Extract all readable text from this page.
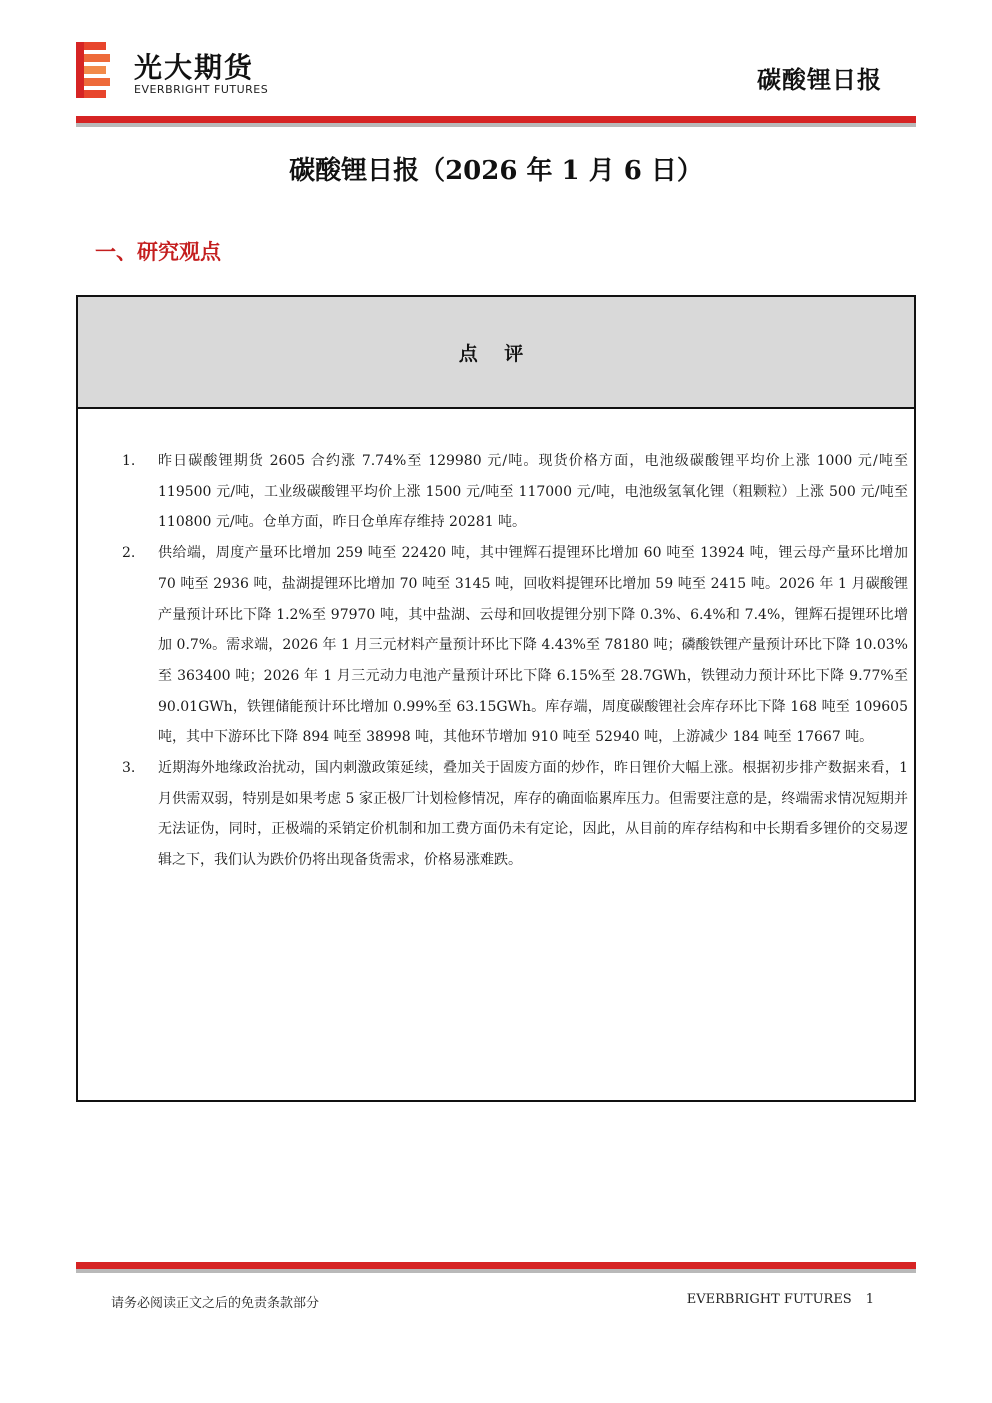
光大期货
EVERBRIGHT FUTURES	碳酸锂日报
碳酸锂日报（2026 年 1 月 6 日）
一、研究观点
点 评
1. 昨日碳酸锂期货 2605 合约涨 7.74%至 129980 元/吨。现货价格方面，电池级碳酸锂平均价上涨 1000 元/吨至 119500 元/吨，工业级碳酸锂平均价上涨 1500 元/吨至 117000 元/吨，电池级氢氧化锂（粗颗粒）上涨 500 元/吨至 110800 元/吨。仓单方面，昨日仓单库存维持 20281 吨。
2. 供给端，周度产量环比增加 259 吨至 22420 吨，其中锂辉石提锂环比增加 60 吨至 13924 吨，锂云母产量环比增加 70 吨至 2936 吨，盐湖提锂环比增加 70 吨至 3145 吨，回收料提锂环比增加 59 吨至 2415 吨。2026 年 1 月碳酸锂产量预计环比下降 1.2%至 97970 吨，其中盐湖、云母和回收提锂分别下降 0.3%、6.4%和 7.4%，锂辉石提锂环比增加 0.7%。需求端，2026 年 1 月三元材料产量预计环比下降 4.43%至 78180 吨；磷酸铁锂产量预计环比下降 10.03%至 363400 吨；2026 年 1 月三元动力电池产量预计环比下降 6.15%至 28.7GWh，铁锂动力预计环比下降 9.77%至 90.01GWh，铁锂储能预计环比增加 0.99%至 63.15GWh。库存端，周度碳酸锂社会库存环比下降 168 吨至 109605 吨，其中下游环比下降 894 吨至 38998 吨，其他环节增加 910 吨至 52940 吨，上游减少 184 吨至 17667 吨。
3. 近期海外地缘政治扰动，国内刺激政策延续，叠加关于固废方面的炒作，昨日锂价大幅上涨。根据初步排产数据来看，1 月供需双弱，特别是如果考虑 5 家正极厂计划检修情况，库存的确面临累库压力。但需要注意的是，终端需求情况短期并无法证伪，同时，正极端的采销定价机制和加工费方面仍未有定论，因此，从目前的库存结构和中长期看多锂价的交易逻辑之下，我们认为跌价仍将出现备货需求，价格易涨难跌。
请务必阅读正文之后的免责条款部分	EVERBRIGHT FUTURES 1
